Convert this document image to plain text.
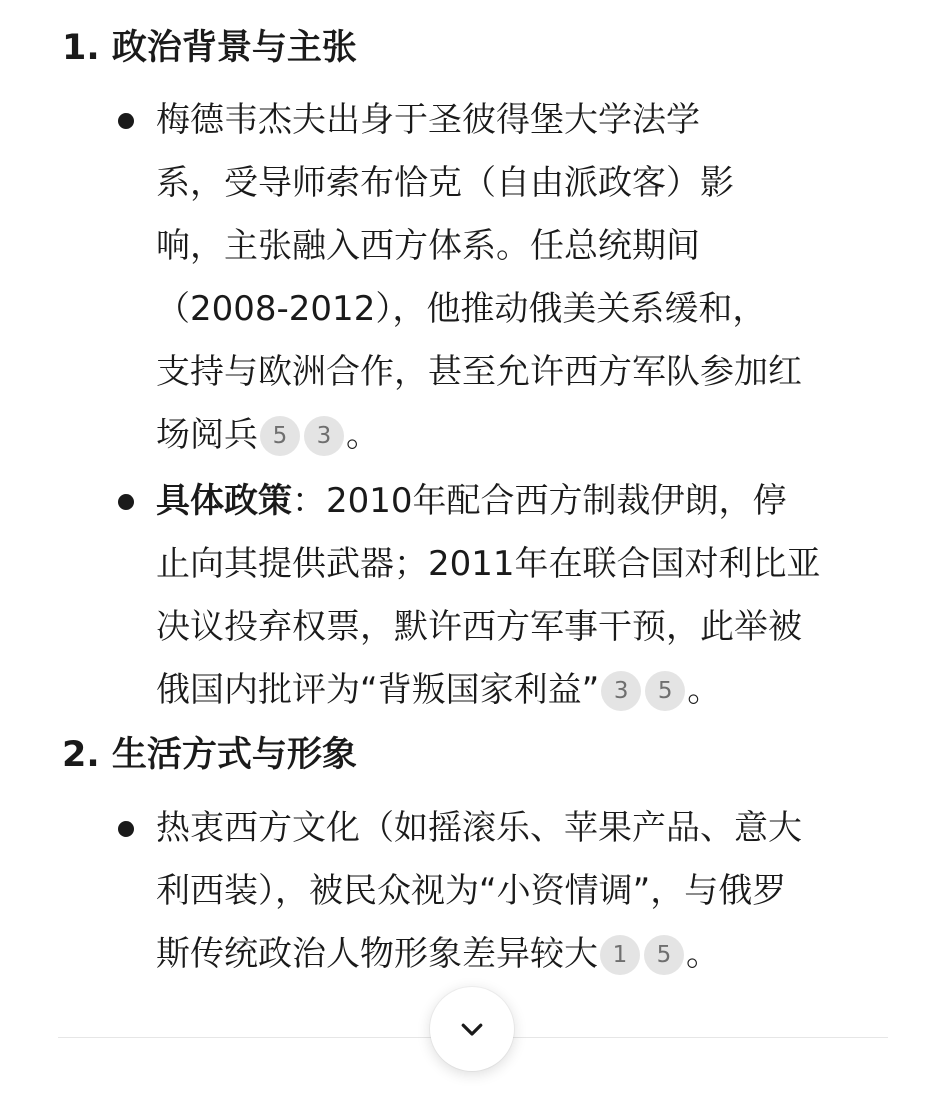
1. 政治背景与主张
梅德韦杰夫出身于圣彼得堡大学法学
系，受导师索布恰克（自由派政客）影
响，主张融入西方体系。任总统期间
（2008-2012），他推动俄美关系缓和，
支持与欧洲合作，甚至允许西方军队参加红
场阅兵 5 3 。
具体政策：2010年配合西方制裁伊朗，停
止向其提供武器；2011年在联合国对利比亚
决议投弃权票，默许西方军事干预，此举被
俄国内批评为“背叛国家利益” 3 5 。
2. 生活方式与形象
热衷西方文化（如摇滚乐、苹果产品、意大
利西装），被民众视为“小资情调”，与俄罗
斯传统政治人物形象差异较大 1 5 。
